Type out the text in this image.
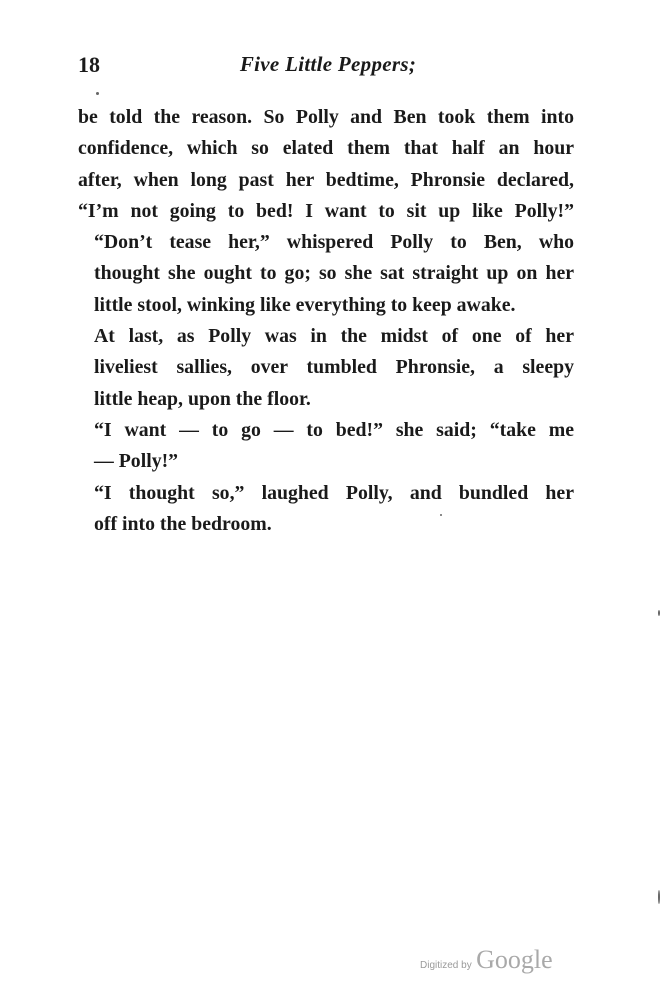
18	Five Little Peppers;

be told the reason. So Polly and Ben took them into
confidence, which so elated them that half an hour
after, when long past her bedtime, Phronsie declared,
“I’m not going to bed! I want to sit up like Polly!”

“Don’t tease her,” whispered Polly to Ben, who
thought she ought to go; so she sat straight up on her
little stool, winking like everything to keep awake.

At last, as Polly was in the midst of one of her
liveliest sallies, over tumbled Phronsie, a sleepy
little heap, upon the floor.

“I want — to go — to bed!” she said; “take me
— Polly!”

“I thought so,” laughed Polly, and bundled her
off into the bedroom.

Digitized by Google
